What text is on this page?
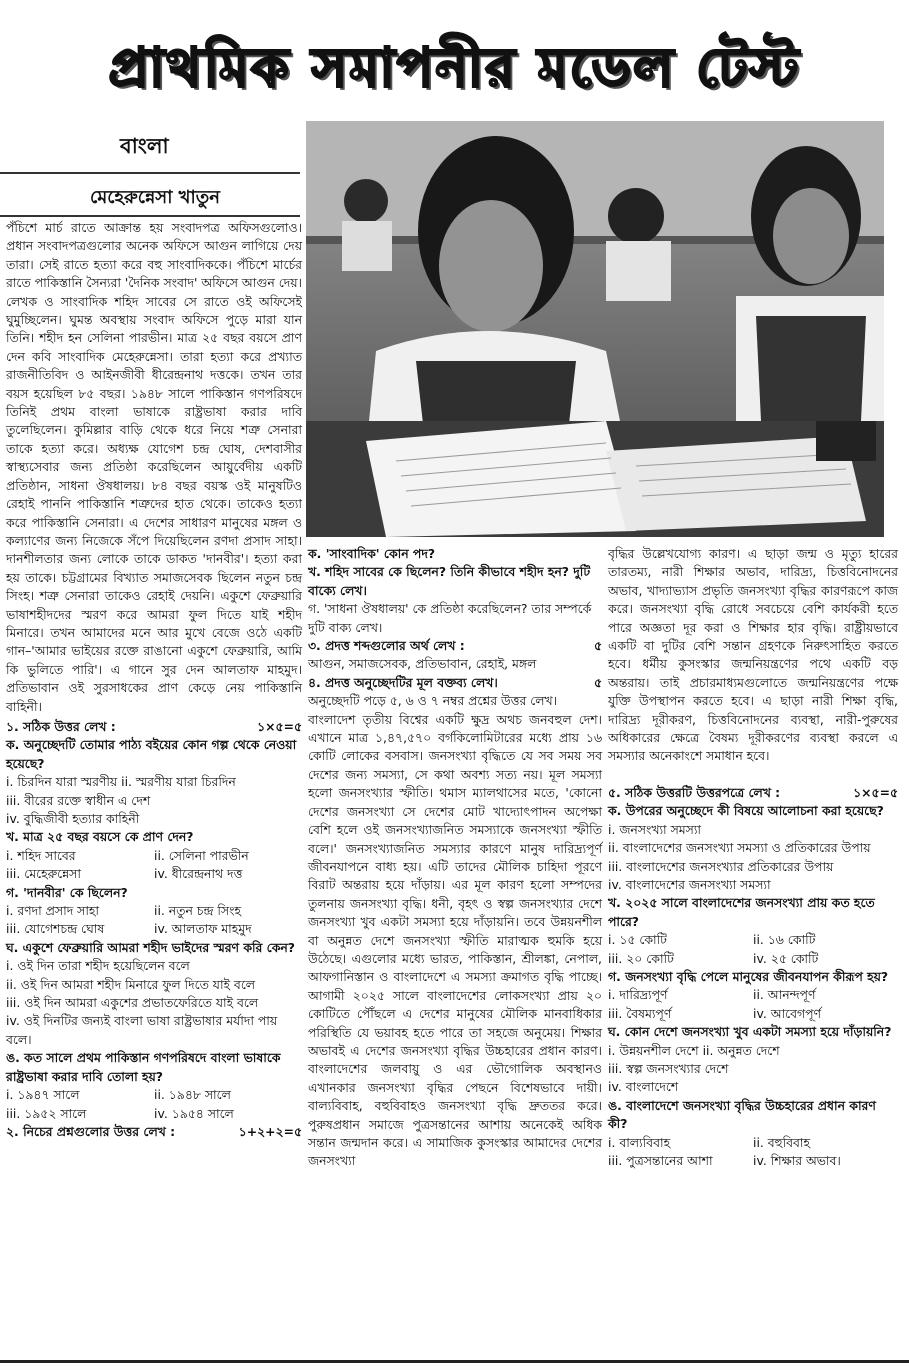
প্রাথমিক সমাপনীর মডেল টেস্ট
বাংলা
মেহেরুন্নেসা খাতুন

পঁচিশে মার্চ রাতে আক্রান্ত হয় সংবাদপত্র অফিসগুলোও। প্রধান সংবাদপত্রগুলোর অনেক অফিসে আগুন লাগিয়ে দেয় তারা। সেই রাতে হত্যা করে বহু সাংবাদিককে। পঁচিশে মার্চের রাতে পাকিস্তানি সৈন্যরা 'দৈনিক সংবাদ' অফিসে আগুন দেয়। লেখক ও সাংবাদিক শহিদ সাবের সে রাতে ওই অফিসেই ঘুমুচ্ছিলেন। ঘুমন্ত অবস্থায় সংবাদ অফিসে পুড়ে মারা যান তিনি। শহীদ হন সেলিনা পারভীন। মাত্র ২৫ বছর বয়সে প্রাণ দেন কবি সাংবাদিক মেহেরুন্নেসা। তারা হত্যা করে প্রখ্যাত রাজনীতিবিদ ও আইনজীবী ধীরেন্দ্রনাথ দত্তকে। তখন তার বয়স হয়েছিল ৮৫ বছর। ১৯৪৮ সালে পাকিস্তান গণপরিষদে তিনিই প্রথম বাংলা ভাষাকে রাষ্ট্রভাষা করার দাবি তুলেছিলেন। কুমিল্লার বাড়ি থেকে ধরে নিয়ে শত্রু সেনারা তাকে হত্যা করে। অধ্যক্ষ যোগেশ চন্দ্র ঘোষ, দেশবাসীর স্বাস্থ্যসেবার জন্য প্রতিষ্ঠা করেছিলেন আয়ুর্বেদীয় একটি প্রতিষ্ঠান, সাধনা ঔষধালয়। ৮৪ বছর বয়স্ক ওই মানুষটিও রেহাই পাননি পাকিস্তানি শত্রুদের হাত থেকে। তাকেও হত্যা করে পাকিস্তানি সেনারা। এ দেশের সাধারণ মানুষের মঙ্গল ও কল্যাণের জন্য নিজেকে সঁপে দিয়েছিলেন রণদা প্রসাদ সাহা। দানশীলতার জন্য লোকে তাকে ডাকত 'দানবীর'। হত্যা করা হয় তাকে। চট্টগ্রামের বিখ্যাত সমাজসেবক ছিলেন নতুন চন্দ্র সিংহ। শত্রু সেনারা তাকেও রেহাই দেয়নি। একুশে ফেব্রুয়ারি ভাষাশহীদদের স্মরণ করে আমরা ফুল দিতে যাই শহীদ মিনারে। তখন আমাদের মনে আর মুখে বেজে ওঠে একটি গান–'আমার ভাইয়ের রক্তে রাঙানো একুশে ফেব্রুয়ারি, আমি কি ভুলিতে পারি'। এ গানে সুর দেন আলতাফ মাহমুদ। প্রতিভাবান ওই সুরসাধকের প্রাণ কেড়ে নেয় পাকিস্তানি বাহিনী।

১. সঠিক উত্তর লেখ :	১×৫=৫
ক. অনুচ্ছেদটি তোমার পাঠ্য বইয়ের কোন গল্প থেকে নেওয়া হয়েছে?
i. চিরদিন যারা স্মরণীয় ii. স্মরণীয় যারা চিরদিন
iii. বীরের রক্তে স্বাধীন এ দেশ
iv. বুদ্ধিজীবী হত্যার কাহিনী
খ. মাত্র ২৫ বছর বয়সে কে প্রাণ দেন?
i. শহিদ সাবের	ii. সেলিনা পারভীন
iii. মেহেরুন্নেসা	iv. ধীরেন্দ্রনাথ দত্ত
গ. 'দানবীর' কে ছিলেন?
i. রণদা প্রসাদ সাহা	ii. নতুন চন্দ্র সিংহ
iii. যোগেশচন্দ্র ঘোষ	iv. আলতাফ মাহমুদ
ঘ. একুশে ফেব্রুয়ারি আমরা শহীদ ভাইদের স্মরণ করি কেন?
i. ওই দিন তারা শহীদ হয়েছিলেন বলে
ii. ওই দিন আমরা শহীদ মিনারে ফুল দিতে যাই বলে
iii. ওই দিন আমরা একুশের প্রভাতফেরিতে যাই বলে
iv. ওই দিনটির জন্যই বাংলা ভাষা রাষ্ট্রভাষার মর্যাদা পায় বলে।
ঙ. কত সালে প্রথম পাকিস্তান গণপরিষদে বাংলা ভাষাকে রাষ্ট্রভাষা করার দাবি তোলা হয়?
i. ১৯৪৭ সালে	ii. ১৯৪৮ সালে
iii. ১৯৫২ সালে	iv. ১৯৫৪ সালে
২. নিচের প্রশ্নগুলোর উত্তর লেখ :	১+২+২=৫
ক. 'সাংবাদিক' কোন পদ?
খ. শহিদ সাবের কে ছিলেন? তিনি কীভাবে শহীদ হন? দুটি বাক্যে লেখ।
গ. 'সাধনা ঔষধালয়' কে প্রতিষ্ঠা করেছিলেন? তার সম্পর্কে দুটি বাক্য লেখ।
৩. প্রদত্ত শব্দগুলোর অর্থ লেখ :	৫
আগুন, সমাজসেবক, প্রতিভাবান, রেহাই, মঙ্গল
৪. প্রদত্ত অনুচ্ছেদটির মূল বক্তব্য লেখ।	৫

অনুচ্ছেদটি পড়ে ৫, ৬ ও ৭ নম্বর প্রশ্নের উত্তর লেখ।

বাংলাদেশ তৃতীয় বিশ্বের একটি ক্ষুদ্র অথচ জনবহুল দেশ। এখানে মাত্র ১,৪৭,৫৭০ বর্গকিলোমিটারের মধ্যে প্রায় ১৬ কোটি লোকের বসবাস। জনসংখ্যা বৃদ্ধিতে যে সব সময় সব দেশের জন্য সমস্যা, সে কথা অবশ্য সত্য নয়। মূল সমস্যা হলো জনসংখ্যার স্ফীতি। থমাস ম্যালথাসের মতে, 'কোনো দেশের জনসংখ্যা সে দেশের মোট খাদ্যোৎপাদন অপেক্ষা বেশি হলে ওই জনসংখ্যাজনিত সমস্যাকে জনসংখ্যা স্ফীতি বলে।' জনসংখ্যাজনিত সমস্যার কারণে মানুষ দারিদ্র্যপূর্ণ জীবনযাপনে বাধ্য হয়। এটি তাদের মৌলিক চাহিদা পূরণে বিরাট অন্তরায় হয়ে দাঁড়ায়। এর মূল কারণ হলো সম্পদের তুলনায় জনসংখ্যা বৃদ্ধি। ধনী, বৃহৎ ও স্বল্প জনসংখ্যার দেশে জনসংখ্যা খুব একটা সমস্যা হয়ে দাঁড়ায়নি। তবে উন্নয়নশীল বা অনুন্নত দেশে জনসংখ্যা স্ফীতি মারাত্মক হুমকি হয়ে উঠেছে। এগুলোর মধ্যে ভারত, পাকিস্তান, শ্রীলঙ্কা, নেপাল, আফগানিস্তান ও বাংলাদেশে এ সমস্যা ক্রমাগত বৃদ্ধি পাচ্ছে। আগামী ২০২৫ সালে বাংলাদেশের লোকসংখ্যা প্রায় ২০ কোটিতে পৌঁছলে এ দেশের মানুষের মৌলিক মানবাধিকার পরিস্থিতি যে ভয়াবহ হতে পারে তা সহজে অনুমেয়। শিক্ষার অভাবই এ দেশের জনসংখ্যা বৃদ্ধির উচ্চহারের প্রধান কারণ। বাংলাদেশের জলবায়ু ও এর ভৌগোলিক অবস্থানও এখানকার জনসংখ্যা বৃদ্ধির পেছনে বিশেষভাবে দায়ী। বাল্যবিবাহ, বহুবিবাহও জনসংখ্যা বৃদ্ধি দ্রুততর করে। পুরুষপ্রধান সমাজে পুত্রসন্তানের আশায় অনেকেই অধিক সন্তান জন্মদান করে। এ সামাজিক কুসংস্কার আমাদের দেশের জনসংখ্যা

বৃদ্ধির উল্লেখযোগ্য কারণ। এ ছাড়া জন্ম ও মৃত্যু হারের তারতম্য, নারী শিক্ষার অভাব, দারিদ্র্য, চিত্তবিনোদনের অভাব, খাদ্যাভ্যাস প্রভৃতি জনসংখ্যা বৃদ্ধির কারণরূপে কাজ করে। জনসংখ্যা বৃদ্ধি রোধে সবচেয়ে বেশি কার্যকরী হতে পারে অজ্ঞতা দূর করা ও শিক্ষার হার বৃদ্ধি। রাষ্ট্রীয়ভাবে একটি বা দুটির বেশি সন্তান গ্রহণকে নিরুৎসাহিত করতে হবে। ধর্মীয় কুসংস্কার জন্মনিয়ন্ত্রণের পথে একটি বড় অন্তরায়। তাই প্রচারমাধ্যমগুলোতে জন্মনিয়ন্ত্রণের পক্ষে যুক্তি উপস্থাপন করতে হবে। এ ছাড়া নারী শিক্ষা বৃদ্ধি, দারিদ্র্য দূরীকরণ, চিত্তবিনোদনের ব্যবস্থা, নারী-পুরুষের অধিকারের ক্ষেত্রে বৈষম্য দূরীকরণের ব্যবস্থা করলে এ সমস্যার অনেকাংশে সমাধান হবে।

৫. সঠিক উত্তরটি উত্তরপত্রে লেখ :	১×৫=৫
ক. উপরের অনুচ্ছেদে কী বিষয়ে আলোচনা করা হয়েছে?
i. জনসংখ্যা সমস্যা
ii. বাংলাদেশের জনসংখ্যা সমস্যা ও প্রতিকারের উপায়
iii. বাংলাদেশের জনসংখ্যার প্রতিকারের উপায়
iv. বাংলাদেশের জনসংখ্যা সমস্যা
খ. ২০২৫ সালে বাংলাদেশের জনসংখ্যা প্রায় কত হতে পারে?
i. ১৫ কোটি	ii. ১৬ কোটি
iii. ২০ কোটি	iv. ২৫ কোটি
গ. জনসংখ্যা বৃদ্ধি পেলে মানুষের জীবনযাপন কীরূপ হয়?
i. দারিদ্র্যপূর্ণ	ii. আনন্দপূর্ণ
iii. বৈষম্যপূর্ণ	iv. আবেগপূর্ণ
ঘ. কোন দেশে জনসংখ্যা খুব একটা সমস্যা হয়ে দাঁড়ায়নি?
i. উন্নয়নশীল দেশে ii. অনুন্নত দেশে
iii. স্বল্প জনসংখ্যার দেশে
iv. বাংলাদেশে
ঙ. বাংলাদেশে জনসংখ্যা বৃদ্ধির উচ্চহারের প্রধান কারণ কী?
i. বাল্যবিবাহ	ii. বহুবিবাহ
iii. পুত্রসন্তানের আশা	iv. শিক্ষার অভাব।
